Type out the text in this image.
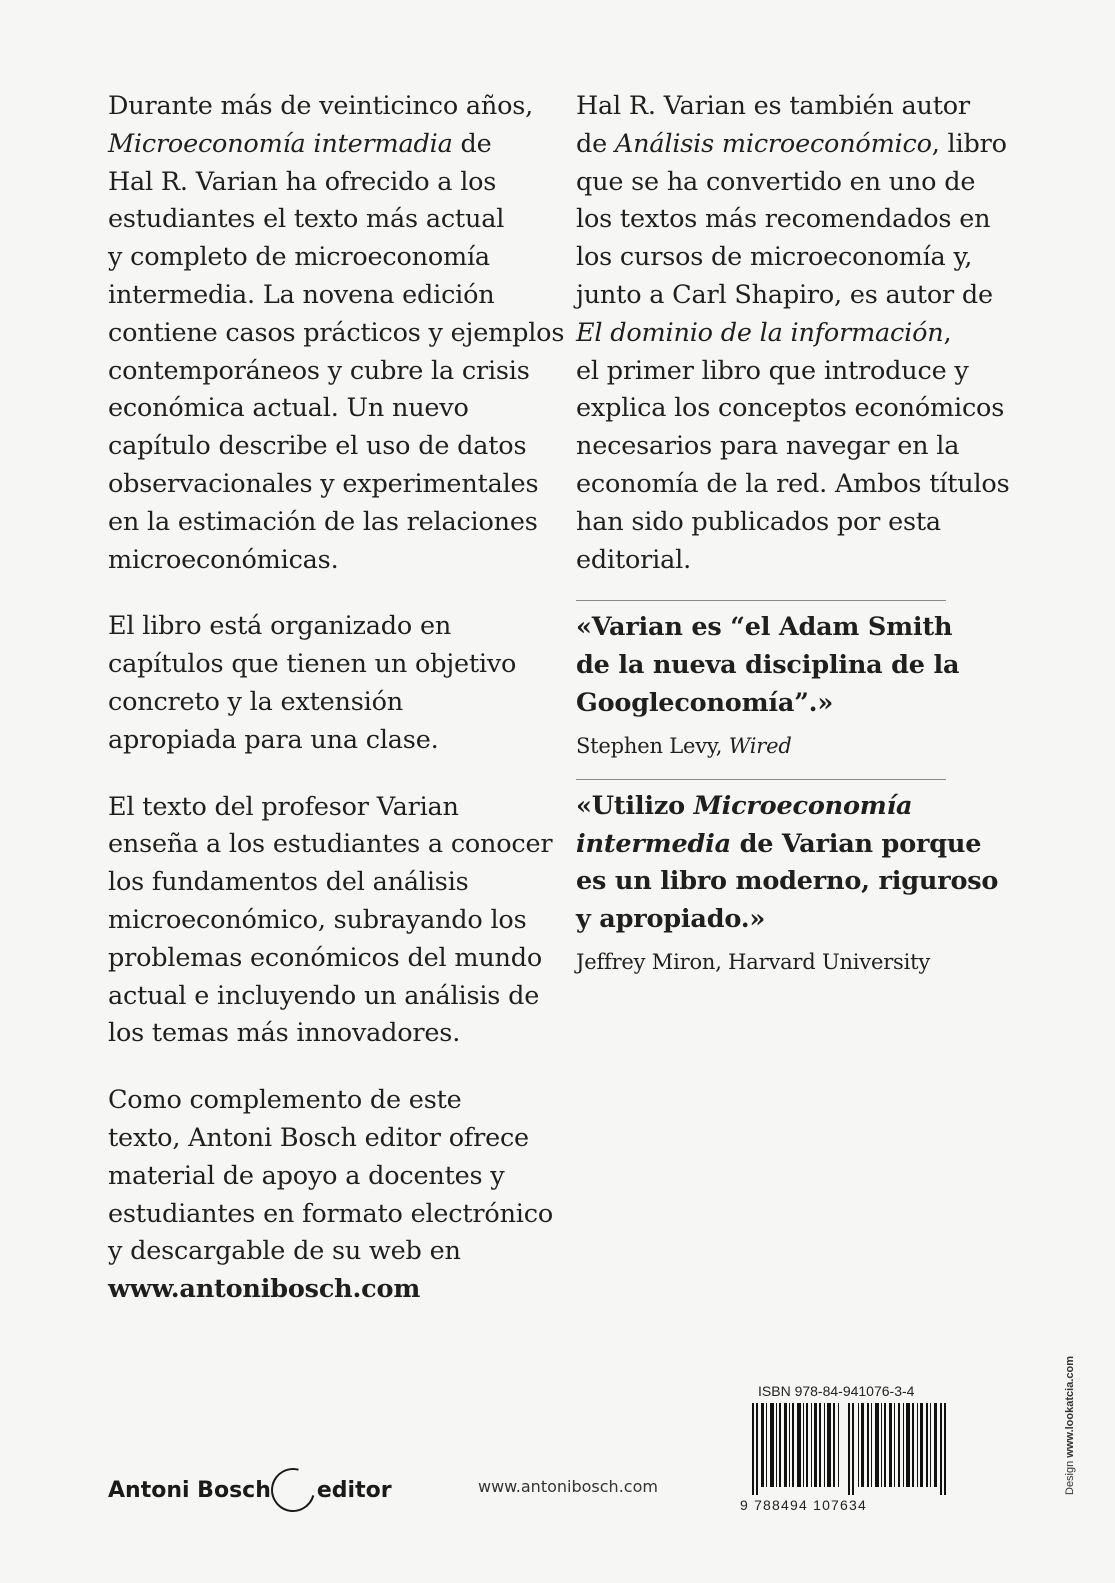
Durante más de veinticinco años,
Microeconomía intermadia de
Hal R. Varian ha ofrecido a los
estudiantes el texto más actual
y completo de microeconomía
intermedia. La novena edición
contiene casos prácticos y ejemplos
contemporáneos y cubre la crisis
económica actual. Un nuevo
capítulo describe el uso de datos
observacionales y experimentales
en la estimación de las relaciones
microeconómicas.

El libro está organizado en
capítulos que tienen un objetivo
concreto y la extensión
apropiada para una clase.

El texto del profesor Varian
enseña a los estudiantes a conocer
los fundamentos del análisis
microeconómico, subrayando los
problemas económicos del mundo
actual e incluyendo un análisis de
los temas más innovadores.

Como complemento de este
texto, Antoni Bosch editor ofrece
material de apoyo a docentes y
estudiantes en formato electrónico
y descargable de su web en
www.antonibosch.com

Hal R. Varian es también autor
de Análisis microeconómico, libro
que se ha convertido en uno de
los textos más recomendados en
los cursos de microeconomía y,
junto a Carl Shapiro, es autor de
El dominio de la información,
el primer libro que introduce y
explica los conceptos económicos
necesarios para navegar en la
economía de la red. Ambos títulos
han sido publicados por esta
editorial.

«Varian es “el Adam Smith
de la nueva disciplina de la
Googleconomía”.»

Stephen Levy, Wired

«Utilizo Microeconomía
intermedia de Varian porque
es un libro moderno, riguroso
y apropiado.»

Jeffrey Miron, Harvard University

Antoni Bosch editor	www.antonibosch.com
ISBN 978-84-941076-3-4
9 788494 107634
Design www.lookatcia.com
